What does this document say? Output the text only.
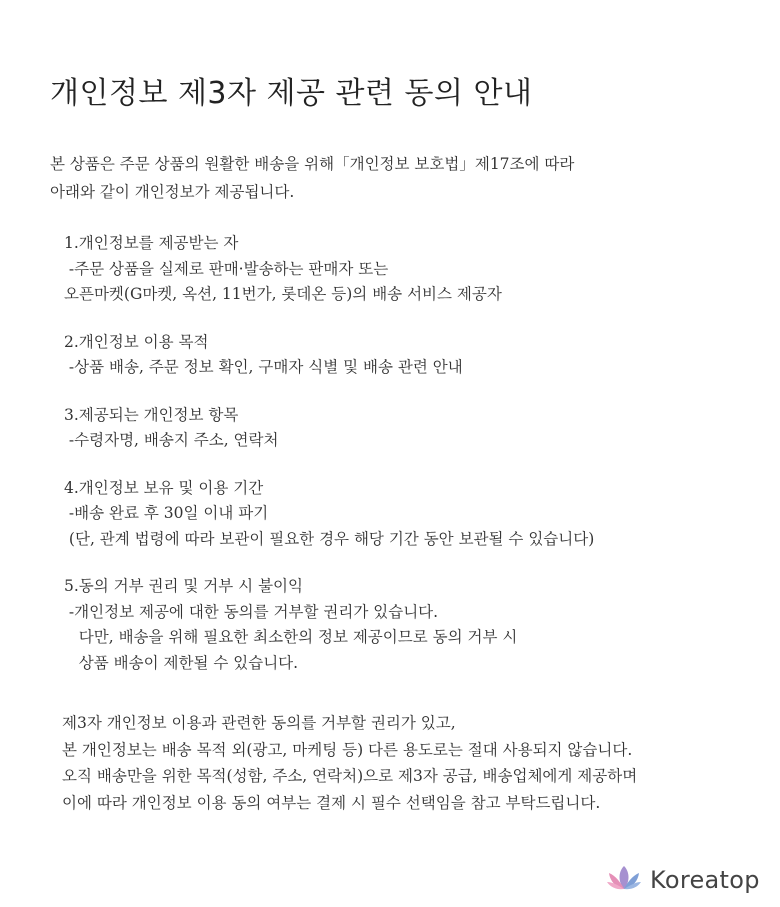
개인정보 제3자 제공 관련 동의 안내
본 상품은 주문 상품의 원활한 배송을 위해「개인정보 보호법」제17조에 따라
아래와 같이 개인정보가 제공됩니다.
1.개인정보를 제공받는 자
-주문 상품을 실제로 판매·발송하는 판매자 또는
오픈마켓(G마켓, 옥션, 11번가, 롯데온 등)의 배송 서비스 제공자
2.개인정보 이용 목적
-상품 배송, 주문 정보 확인, 구매자 식별 및 배송 관련 안내
3.제공되는 개인정보 항목
-수령자명, 배송지 주소, 연락처
4.개인정보 보유 및 이용 기간
-배송 완료 후 30일 이내 파기
(단, 관계 법령에 따라 보관이 필요한 경우 해당 기간 동안 보관될 수 있습니다)
5.동의 거부 권리 및 거부 시 불이익
-개인정보 제공에 대한 동의를 거부할 권리가 있습니다.
다만, 배송을 위해 필요한 최소한의 정보 제공이므로 동의 거부 시
상품 배송이 제한될 수 있습니다.
제3자 개인정보 이용과 관련한 동의를 거부할 권리가 있고,
본 개인정보는 배송 목적 외(광고, 마케팅 등) 다른 용도로는 절대 사용되지 않습니다.
오직 배송만을 위한 목적(성함, 주소, 연락처)으로 제3자 공급, 배송업체에게 제공하며
이에 따라 개인정보 이용 동의 여부는 결제 시 필수 선택임을 참고 부탁드립니다.
Koreatop
